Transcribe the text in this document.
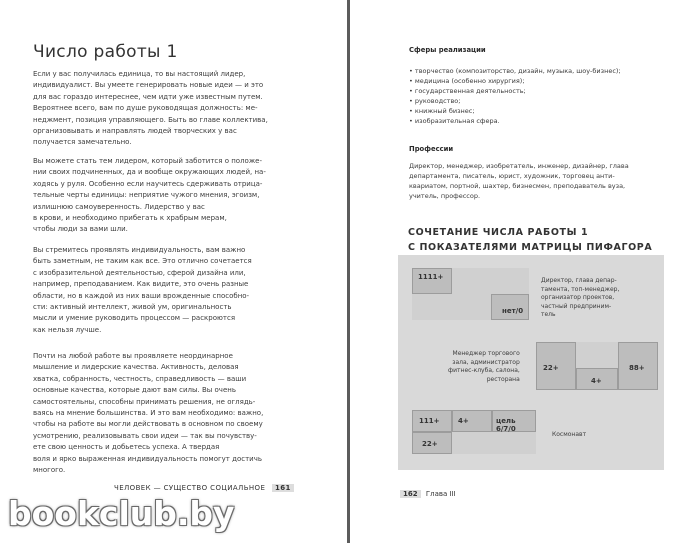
Число работы 1
Если у вас получилась единица, то вы настоящий лидер,
индивидуалист. Вы умеете генерировать новые идеи — и это
для вас гораздо интереснее, чем идти уже известным путем.
Вероятнее всего, вам по душе руководящая должность: ме-
неджмент, позиция управляющего. Быть во главе коллектива,
организовывать и направлять людей творческих у вас
получается замечательно.
Вы можете стать тем лидером, который заботится о положе-
нии своих подчиненных, да и вообще окружающих людей, на-
ходясь у руля. Особенно если научитесь сдерживать отрица-
тельные черты единицы: неприятие чужого мнения, эгоизм,
излишнюю самоуверенность. Лидерство у вас
в крови, и необходимо прибегать к храбрым мерам,
чтобы люди за вами шли.
Вы стремитесь проявлять индивидуальность, вам важно
быть заметным, не таким как все. Это отлично сочетается
с изобразительной деятельностью, сферой дизайна или,
например, преподаванием. Как видите, это очень разные
области, но в каждой из них ваши врожденные способно-
сти: активный интеллект, живой ум, оригинальность
мысли и умение руководить процессом — раскроются
как нельзя лучше.
Почти на любой работе вы проявляете неординарное
мышление и лидерские качества. Активность, деловая
хватка, собранность, честность, справедливость — ваши
основные качества, которые дают вам силы. Вы очень
самостоятельны, способны принимать решения, не оглядь-
ваясь на мнение большинства. И это вам необходимо: важно,
чтобы на работе вы могли действовать в основном по своему
усмотрению, реализовывать свои идеи — так вы почувству-
ете свою ценность и добьетесь успеха. А твердая
воля и ярко выраженная индивидуальность помогут достичь
многого.
ЧЕЛОВЕК — СУЩЕСТВО СОЦИАЛЬНОЕ 161
bookclub.by
Сферы реализации
• творчество (композиторство, дизайн, музыка, шоу-бизнес);
• медицина (особенно хирургия);
• государственная деятельность;
• руководство;
• книжный бизнес;
• изобразительная сфера.
Профессии
Директор, менеджер, изобретатель, инженер, дизайнер, глава
департамента, писатель, юрист, художник, торговец анти-
квариатом, портной, шахтер, бизнесмен, преподаватель вуза,
учитель, профессор.
СОЧЕТАНИЕ ЧИСЛА РАБОТЫ 1
С ПОКАЗАТЕЛЯМИ МАТРИЦЫ ПИФАГОРА
1111+
нет/0
Директор, глава депар-
тамента, топ-менеджер,
организатор проектов,
частный предприним-
тель
22+	88+
4+
Менеджер торгового
зала, администратор
фитнес-клуба, салона,
ресторана
111+	4+	цель 6/7/0
22+
Космонавт
162 Глава III
